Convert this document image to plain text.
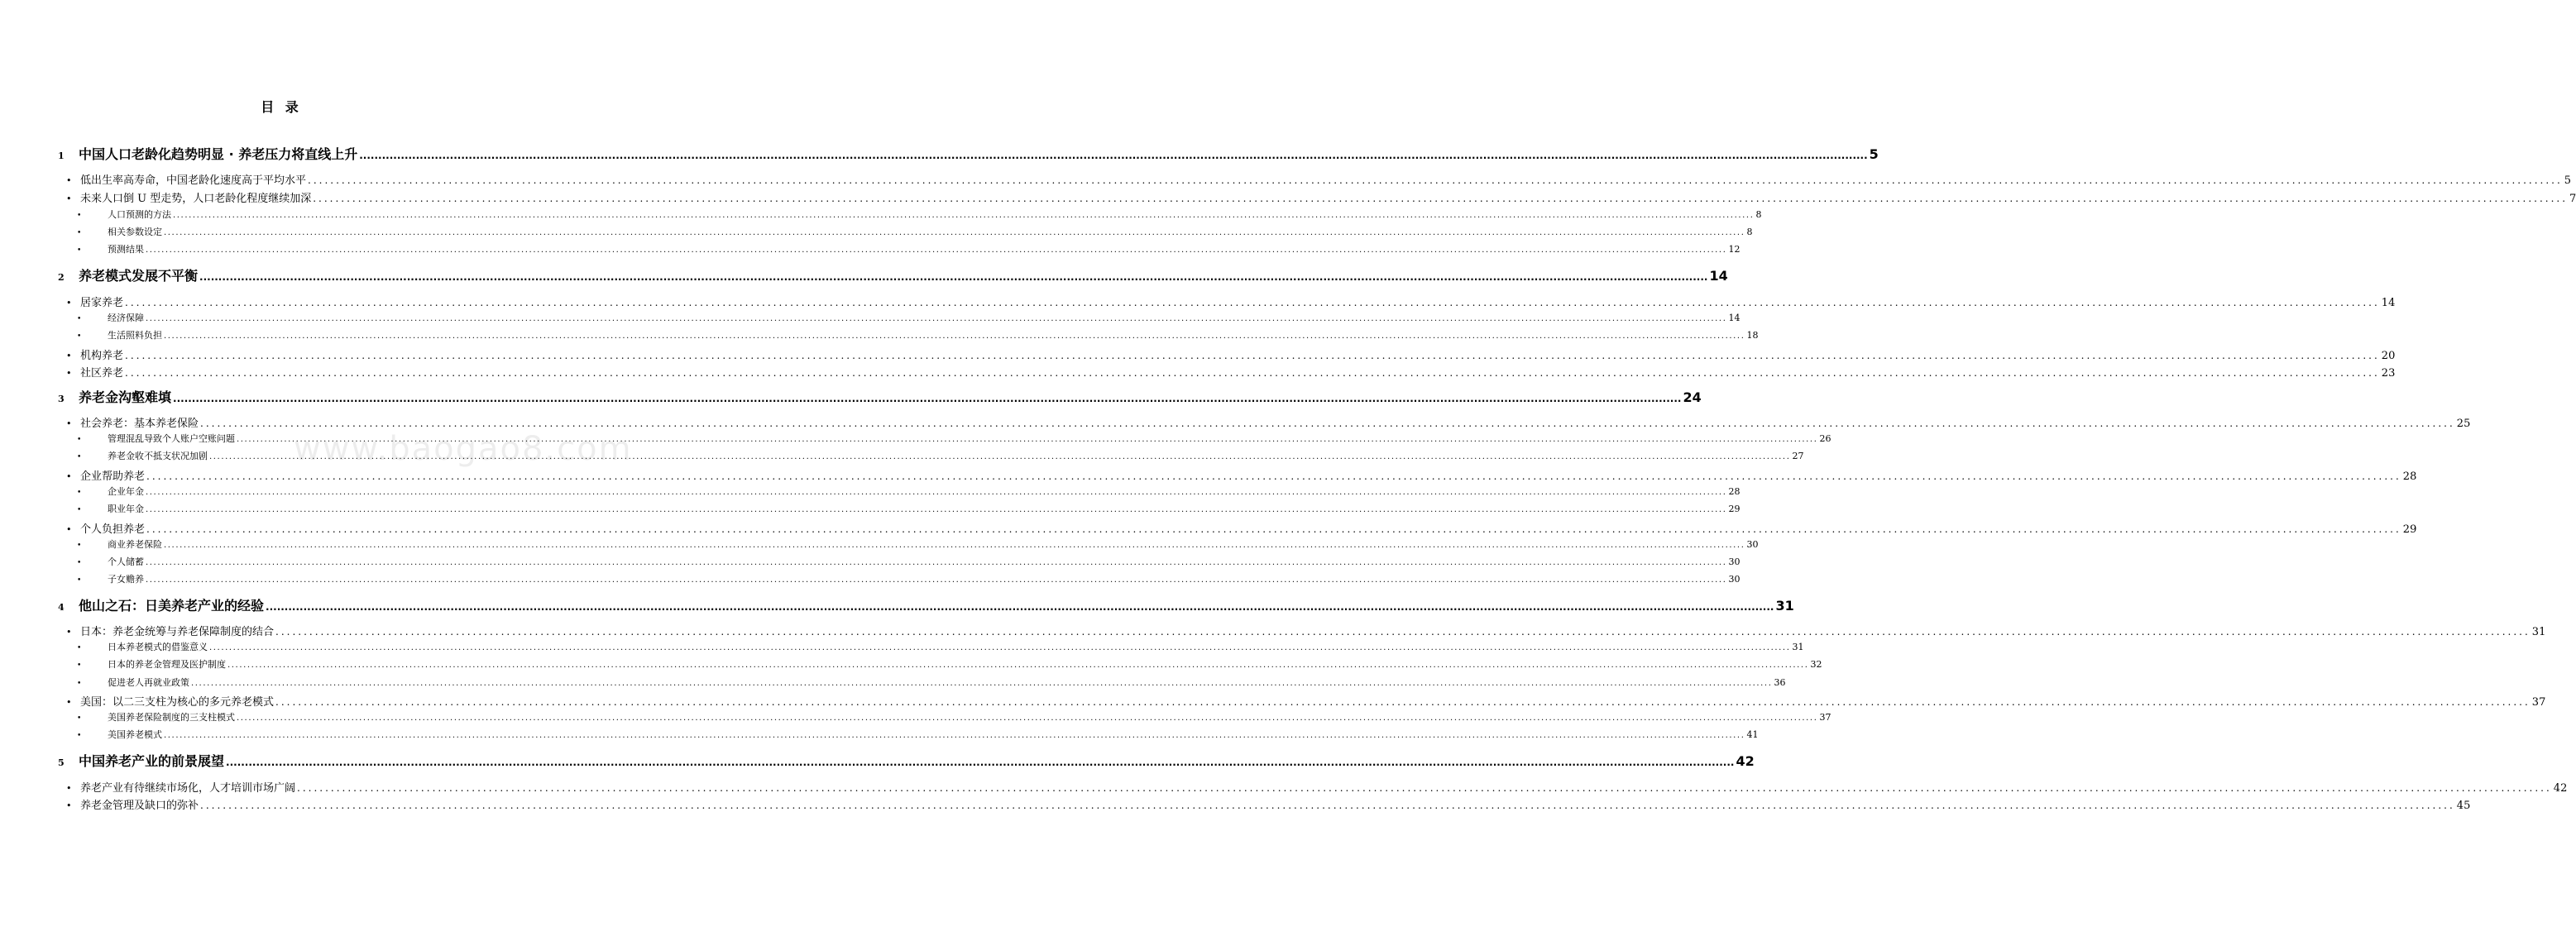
目 录
www.baogao8.com
1	中国人口老龄化趋势明显 · 养老压力将直线上升 ................................................................................................................................................................................................................................................................................................................................................................................................................ 5
• 低出生率高寿命，中国老龄化速度高于平均水平 ................................................................................................................................................................................................................................................................................................................................................................................................................ 5
• 未来人口倒 U 型走势，人口老龄化程度继续加深 ................................................................................................................................................................................................................................................................................................................................................................................................................ 7
•	人口预测的方法 ................................................................................................................................................................................................................................................................................................................................................................................................................ 8
•	相关参数设定 ................................................................................................................................................................................................................................................................................................................................................................................................................ 8
•	预测结果 ................................................................................................................................................................................................................................................................................................................................................................................................................ 12
2	养老模式发展不平衡 ................................................................................................................................................................................................................................................................................................................................................................................................................ 14
• 居家养老 ................................................................................................................................................................................................................................................................................................................................................................................................................ 14
•	经济保障 ................................................................................................................................................................................................................................................................................................................................................................................................................ 14
•	生活照料负担 ................................................................................................................................................................................................................................................................................................................................................................................................................ 18
• 机构养老 ................................................................................................................................................................................................................................................................................................................................................................................................................ 20
• 社区养老 ................................................................................................................................................................................................................................................................................................................................................................................................................ 23
3	养老金沟壑难填 ................................................................................................................................................................................................................................................................................................................................................................................................................ 24
• 社会养老：基本养老保险 ................................................................................................................................................................................................................................................................................................................................................................................................................ 25
•	管理混乱导致个人账户空账问题 ................................................................................................................................................................................................................................................................................................................................................................................................................ 26
•	养老金收不抵支状况加剧 ................................................................................................................................................................................................................................................................................................................................................................................................................ 27
• 企业帮助养老 ................................................................................................................................................................................................................................................................................................................................................................................................................ 28
•	企业年金 ................................................................................................................................................................................................................................................................................................................................................................................................................ 28
•	职业年金 ................................................................................................................................................................................................................................................................................................................................................................................................................ 29
• 个人负担养老 ................................................................................................................................................................................................................................................................................................................................................................................................................ 29
•	商业养老保险 ................................................................................................................................................................................................................................................................................................................................................................................................................ 30
•	个人储蓄 ................................................................................................................................................................................................................................................................................................................................................................................................................ 30
•	子女赡养 ................................................................................................................................................................................................................................................................................................................................................................................................................ 30
4	他山之石：日美养老产业的经验 ................................................................................................................................................................................................................................................................................................................................................................................................................ 31
• 日本：养老金统筹与养老保障制度的结合 ................................................................................................................................................................................................................................................................................................................................................................................................................ 31
•	日本养老模式的借鉴意义 ................................................................................................................................................................................................................................................................................................................................................................................................................ 31
•	日本的养老金管理及医护制度 ................................................................................................................................................................................................................................................................................................................................................................................................................ 32
•	促进老人再就业政策 ................................................................................................................................................................................................................................................................................................................................................................................................................ 36
• 美国：以二三支柱为核心的多元养老模式 ................................................................................................................................................................................................................................................................................................................................................................................................................ 37
•	美国养老保险制度的三支柱模式 ................................................................................................................................................................................................................................................................................................................................................................................................................ 37
•	美国养老模式 ................................................................................................................................................................................................................................................................................................................................................................................................................ 41
5	中国养老产业的前景展望 ................................................................................................................................................................................................................................................................................................................................................................................................................ 42
• 养老产业有待继续市场化，人才培训市场广阔 ................................................................................................................................................................................................................................................................................................................................................................................................................ 42
• 养老金管理及缺口的弥补 ................................................................................................................................................................................................................................................................................................................................................................................................................ 45
